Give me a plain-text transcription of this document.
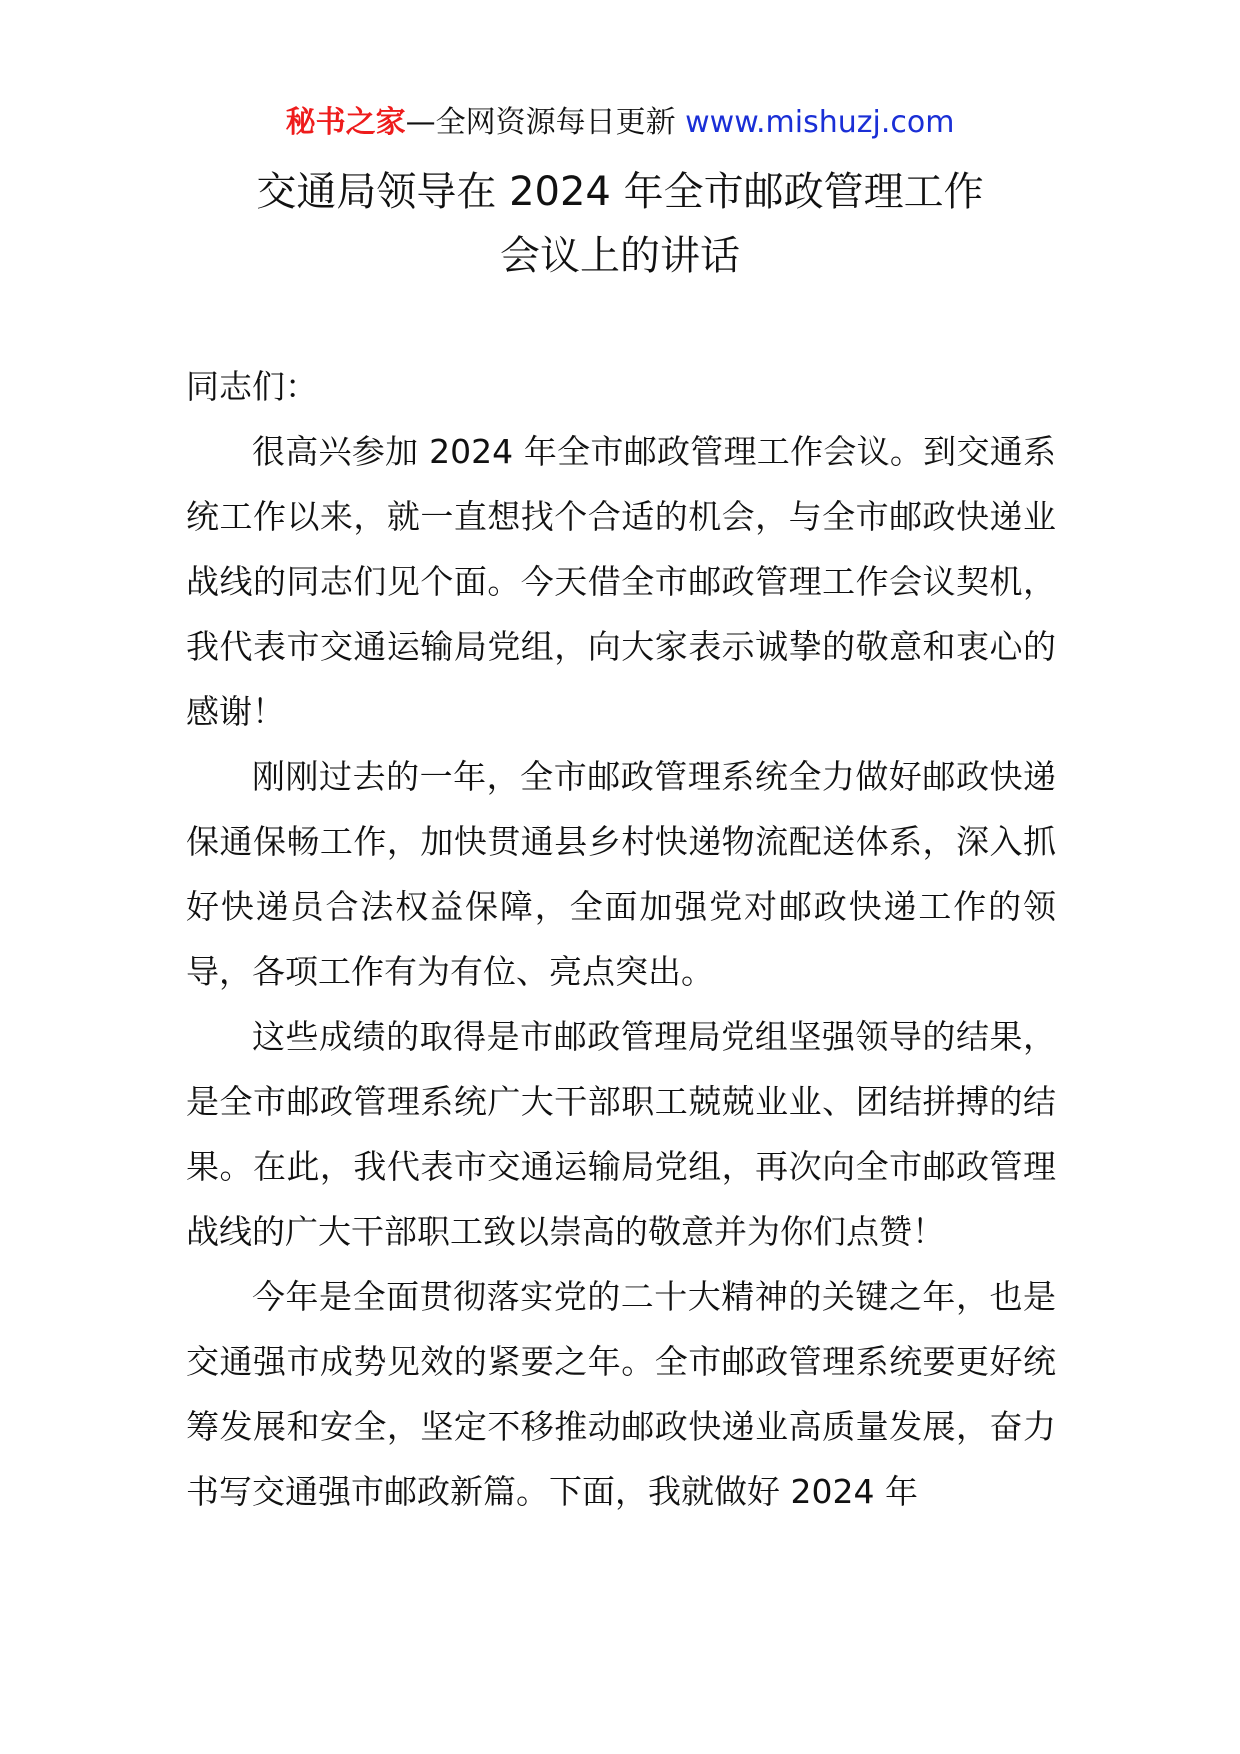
秘书之家—全网资源每日更新 www.mishuzj.com
交通局领导在 2024 年全市邮政管理工作
会议上的讲话

同志们：

很高兴参加 2024 年全市邮政管理工作会议。到交通系统工作以来，就一直想找个合适的机会，与全市邮政快递业战线的同志们见个面。今天借全市邮政管理工作会议契机，我代表市交通运输局党组，向大家表示诚挚的敬意和衷心的感谢！

刚刚过去的一年，全市邮政管理系统全力做好邮政快递保通保畅工作，加快贯通县乡村快递物流配送体系，深入抓好快递员合法权益保障，全面加强党对邮政快递工作的领导，各项工作有为有位、亮点突出。

这些成绩的取得是市邮政管理局党组坚强领导的结果，是全市邮政管理系统广大干部职工兢兢业业、团结拼搏的结果。在此，我代表市交通运输局党组，再次向全市邮政管理战线的广大干部职工致以崇高的敬意并为你们点赞！

今年是全面贯彻落实党的二十大精神的关键之年，也是交通强市成势见效的紧要之年。全市邮政管理系统要更好统筹发展和安全，坚定不移推动邮政快递业高质量发展，奋力书写交通强市邮政新篇。下面，我就做好 2024 年
